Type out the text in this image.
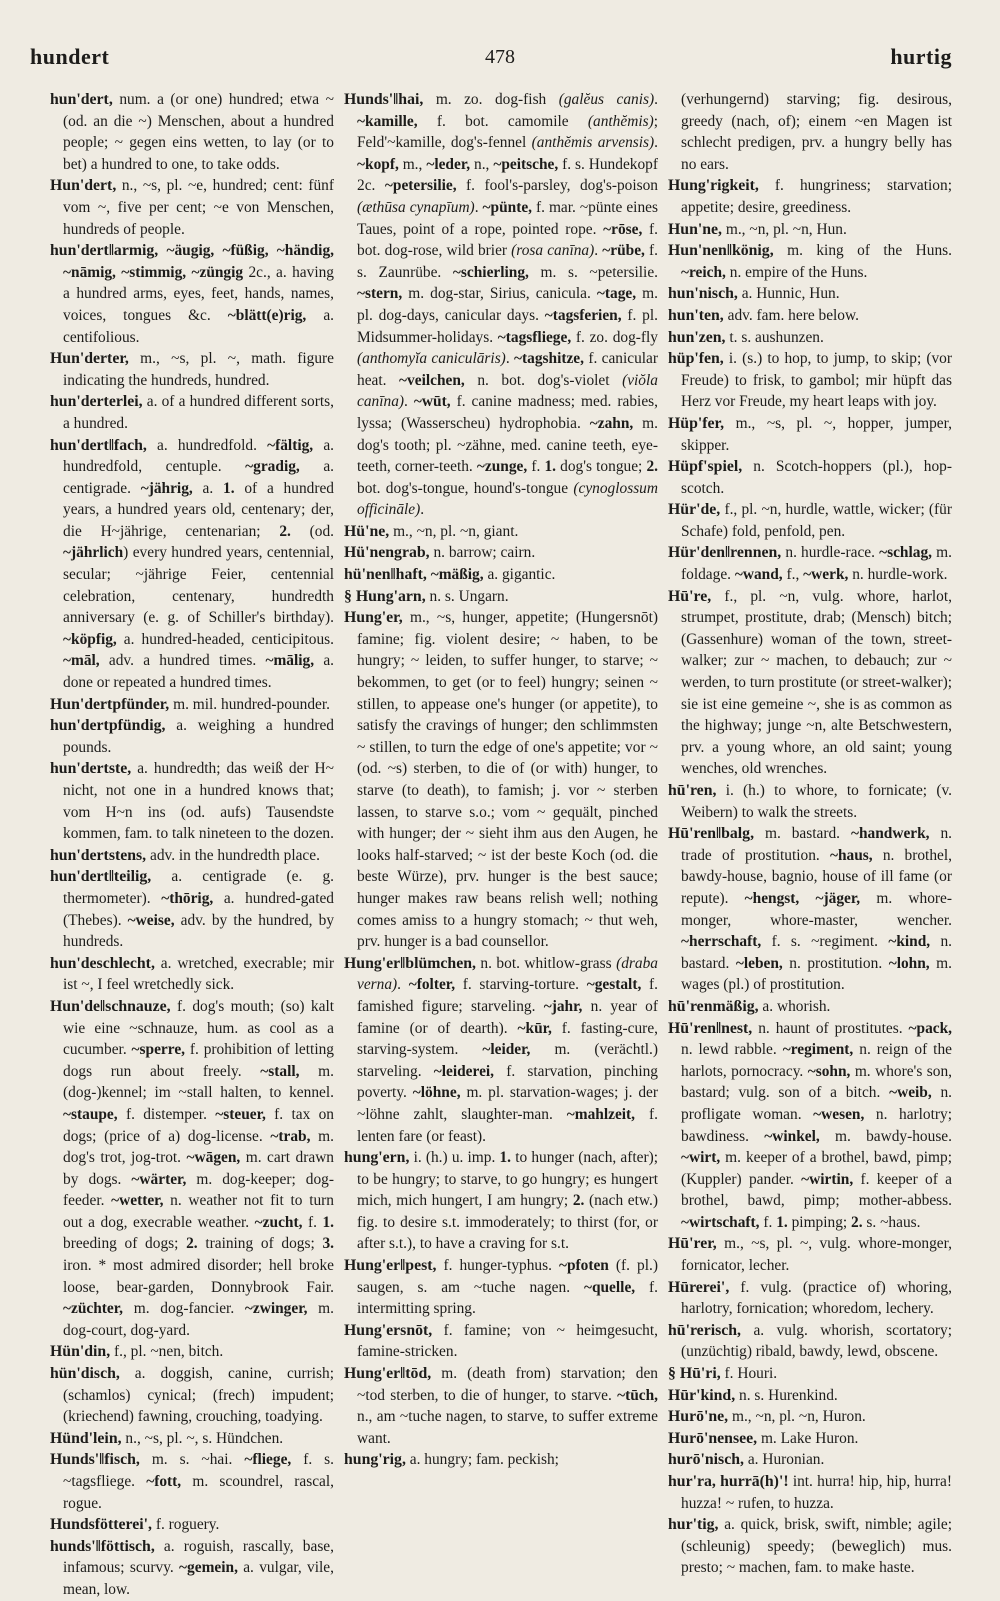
hundert	478	hurtig

hun'dert, num. a (or one) hundred; etwa ~ (od. an die ~) Menschen, about a hundred people; ~ gegen eins wetten, to lay (or to bet) a hundred to one, to take odds.

Hun'dert, n., ~s, pl. ~e, hundred; cent: fünf vom ~, five per cent; ~e von Menschen, hundreds of people.

hun'dert‖armig, ~äugig, ~füßig, ~händig, ~nāmig, ~stimmig, ~züngig 2c., a. having a hundred arms, eyes, feet, hands, names, voices, tongues &c. ~blätt(e)rig, a. centifolious.

Hun'derter, m., ~s, pl. ~, math. figure indicating the hundreds, hundred.

hun'derterlei, a. of a hundred different sorts, a hundred.

hun'dert‖fach, a. hundredfold. ~fältig, a. hundredfold, centuple. ~gradig, a. centigrade. ~jährig, a. 1. of a hundred years, a hundred years old, centenary; der, die H~jährige, centenarian; 2. (od. ~jährlich) every hundred years, centennial, secular; ~jährige Feier, centennial celebration, centenary, hundredth anniversary (e. g. of Schiller's birthday). ~köpfig, a. hundred-headed, centicipitous. ~māl, adv. a hundred times. ~mālig, a. done or repeated a hundred times.

Hun'dertpfünder, m. mil. hundred-pounder.

hun'dertpfündig, a. weighing a hundred pounds.

hun'dertste, a. hundredth; das weiß der H~ nicht, not one in a hundred knows that; vom H~n ins (od. aufs) Tausendste kommen, fam. to talk nineteen to the dozen.

hun'dertstens, adv. in the hundredth place.

hun'dert‖teilig, a. centigrade (e. g. thermometer). ~thōrig, a. hundred-gated (Thebes). ~weise, adv. by the hundred, by hundreds.

hun'deschlecht, a. wretched, execrable; mir ist ~, I feel wretchedly sick.

Hun'de‖schnauze, f. dog's mouth; (so) kalt wie eine ~schnauze, hum. as cool as a cucumber. ~sperre, f. prohibition of letting dogs run about freely. ~stall, m. (dog-)kennel; im ~stall halten, to kennel. ~staupe, f. distemper. ~steuer, f. tax on dogs; (price of a) dog-license. ~trab, m. dog's trot, jog-trot. ~wāgen, m. cart drawn by dogs. ~wärter, m. dog-keeper; dog-feeder. ~wetter, n. weather not fit to turn out a dog, execrable weather. ~zucht, f. 1. breeding of dogs; 2. training of dogs; 3. iron. * most admired disorder; hell broke loose, bear-garden, Donnybrook Fair. ~züchter, m. dog-fancier. ~zwinger, m. dog-court, dog-yard.

Hün'din, f., pl. ~nen, bitch.

hün'disch, a. doggish, canine, currish; (schamlos) cynical; (frech) impudent; (kriechend) fawning, crouching, toadying.

Hünd'lein, n., ~s, pl. ~, s. Hündchen.

Hunds'‖fisch, m. s. ~hai. ~fliege, f. s. ~tagsfliege. ~fott, m. scoundrel, rascal, rogue.

Hundsfötterei', f. roguery.

hunds'‖föttisch, a. roguish, rascally, base, infamous; scurvy. ~gemein, a. vulgar, vile, mean, low.

Hunds'‖hai, m. zo. dog-fish (galĕus canis). ~kamille, f. bot. camomile (anthĕmis); Feld'~kamille, dog's-fennel (anthĕmis arvensis). ~kopf, m., ~leder, n., ~peitsche, f. s. Hundekopf 2c. ~petersilie, f. fool's-parsley, dog's-poison (æthūsa cynapīum). ~pünte, f. mar. ~pünte eines Taues, point of a rope, pointed rope. ~rōse, f. bot. dog-rose, wild brier (rosa canīna). ~rübe, f. s. Zaunrübe. ~schierling, m. s. ~petersilie. ~stern, m. dog-star, Sirius, canicula. ~tage, m. pl. dog-days, canicular days. ~tagsferien, f. pl. Midsummer-holidays. ~tagsfliege, f. zo. dog-fly (anthomyĭa caniculāris). ~tagshitze, f. canicular heat. ~veilchen, n. bot. dog's-violet (viŏla canīna). ~wūt, f. canine madness; med. rabies, lyssa; (Wasserscheu) hydrophobia. ~zahn, m. dog's tooth; pl. ~zähne, med. canine teeth, eye-teeth, corner-teeth. ~zunge, f. 1. dog's tongue; 2. bot. dog's-tongue, hound's-tongue (cynoglossum officināle).

Hü'ne, m., ~n, pl. ~n, giant.

Hü'nengrab, n. barrow; cairn.

hü'nen‖haft, ~mäßig, a. gigantic.

§ Hung'arn, n. s. Ungarn.

Hung'er, m., ~s, hunger, appetite; (Hungersnōt) famine; fig. violent desire; ~ haben, to be hungry; ~ leiden, to suffer hunger, to starve; ~ bekommen, to get (or to feel) hungry; seinen ~ stillen, to appease one's hunger (or appetite), to satisfy the cravings of hunger; den schlimmsten ~ stillen, to turn the edge of one's appetite; vor ~ (od. ~s) sterben, to die of (or with) hunger, to starve (to death), to famish; j. vor ~ sterben lassen, to starve s.o.; vom ~ gequält, pinched with hunger; der ~ sieht ihm aus den Augen, he looks half-starved; ~ ist der beste Koch (od. die beste Würze), prv. hunger is the best sauce; hunger makes raw beans relish well; nothing comes amiss to a hungry stomach; ~ thut weh, prv. hunger is a bad counsellor.

Hung'er‖blümchen, n. bot. whitlow-grass (draba verna). ~folter, f. starving-torture. ~gestalt, f. famished figure; starveling. ~jahr, n. year of famine (or of dearth). ~kūr, f. fasting-cure, starving-system. ~leider, m. (verächtl.) starveling. ~leiderei, f. starvation, pinching poverty. ~löhne, m. pl. starvation-wages; j. der ~löhne zahlt, slaughter-man. ~mahlzeit, f. lenten fare (or feast).

hung'ern, i. (h.) u. imp. 1. to hunger (nach, after); to be hungry; to starve, to go hungry; es hungert mich, mich hungert, I am hungry; 2. (nach etw.) fig. to desire s.t. immoderately; to thirst (for, or after s.t.), to have a craving for s.t.

Hung'er‖pest, f. hunger-typhus. ~pfoten (f. pl.) saugen, s. am ~tuche nagen. ~quelle, f. intermitting spring.

Hung'ersnōt, f. famine; von ~ heimgesucht, famine-stricken.

Hung'er‖tōd, m. (death from) starvation; den ~tod sterben, to die of hunger, to starve. ~tūch, n., am ~tuche nagen, to starve, to suffer extreme want.

hung'rig, a. hungry; fam. peckish;

(verhungernd) starving; fig. desirous, greedy (nach, of); einem ~en Magen ist schlecht predigen, prv. a hungry belly has no ears.

Hung'rigkeit, f. hungriness; starvation; appetite; desire, greediness.

Hun'ne, m., ~n, pl. ~n, Hun.

Hun'nen‖könig, m. king of the Huns. ~reich, n. empire of the Huns.

hun'nisch, a. Hunnic, Hun.

hun'ten, adv. fam. here below.

hun'zen, t. s. aushunzen.

hüp'fen, i. (s.) to hop, to jump, to skip; (vor Freude) to frisk, to gambol; mir hüpft das Herz vor Freude, my heart leaps with joy.

Hüp'fer, m., ~s, pl. ~, hopper, jumper, skipper.

Hüpf'spiel, n. Scotch-hoppers (pl.), hop-scotch.

Hür'de, f., pl. ~n, hurdle, wattle, wicker; (für Schafe) fold, penfold, pen.

Hür'den‖rennen, n. hurdle-race. ~schlag, m. foldage. ~wand, f., ~werk, n. hurdle-work.

Hū're, f., pl. ~n, vulg. whore, harlot, strumpet, prostitute, drab; (Mensch) bitch; (Gassenhure) woman of the town, street-walker; zur ~ machen, to debauch; zur ~ werden, to turn prostitute (or street-walker); sie ist eine gemeine ~, she is as common as the highway; junge ~n, alte Betschwestern, prv. a young whore, an old saint; young wenches, old wrenches.

hū'ren, i. (h.) to whore, to fornicate; (v. Weibern) to walk the streets.

Hū'ren‖balg, m. bastard. ~handwerk, n. trade of prostitution. ~haus, n. brothel, bawdy-house, bagnio, house of ill fame (or repute). ~hengst, ~jäger, m. whore-monger, whore-master, wencher. ~herrschaft, f. s. ~regiment. ~kind, n. bastard. ~leben, n. prostitution. ~lohn, m. wages (pl.) of prostitution.

hū'renmäßig, a. whorish.

Hū'ren‖nest, n. haunt of prostitutes. ~pack, n. lewd rabble. ~regiment, n. reign of the harlots, pornocracy. ~sohn, m. whore's son, bastard; vulg. son of a bitch. ~weib, n. profligate woman. ~wesen, n. harlotry; bawdiness. ~winkel, m. bawdy-house. ~wirt, m. keeper of a brothel, bawd, pimp; (Kuppler) pander. ~wirtin, f. keeper of a brothel, bawd, pimp; mother-abbess. ~wirtschaft, f. 1. pimping; 2. s. ~haus.

Hū'rer, m., ~s, pl. ~, vulg. whore-monger, fornicator, lecher.

Hūrerei', f. vulg. (practice of) whoring, harlotry, fornication; whoredom, lechery.

hū'rerisch, a. vulg. whorish, scortatory; (unzüchtig) ribald, bawdy, lewd, obscene.

§ Hū'ri, f. Houri.

Hūr'kind, n. s. Hurenkind.

Hurō'ne, m., ~n, pl. ~n, Huron.

Hurō'nensee, m. Lake Huron.

hurō'nisch, a. Huronian.

hur'ra, hurrā(h)'! int. hurra! hip, hip, hurra! huzza! ~ rufen, to huzza.

hur'tig, a. quick, brisk, swift, nimble; agile; (schleunig) speedy; (beweglich) mus. presto; ~ machen, fam. to make haste.
